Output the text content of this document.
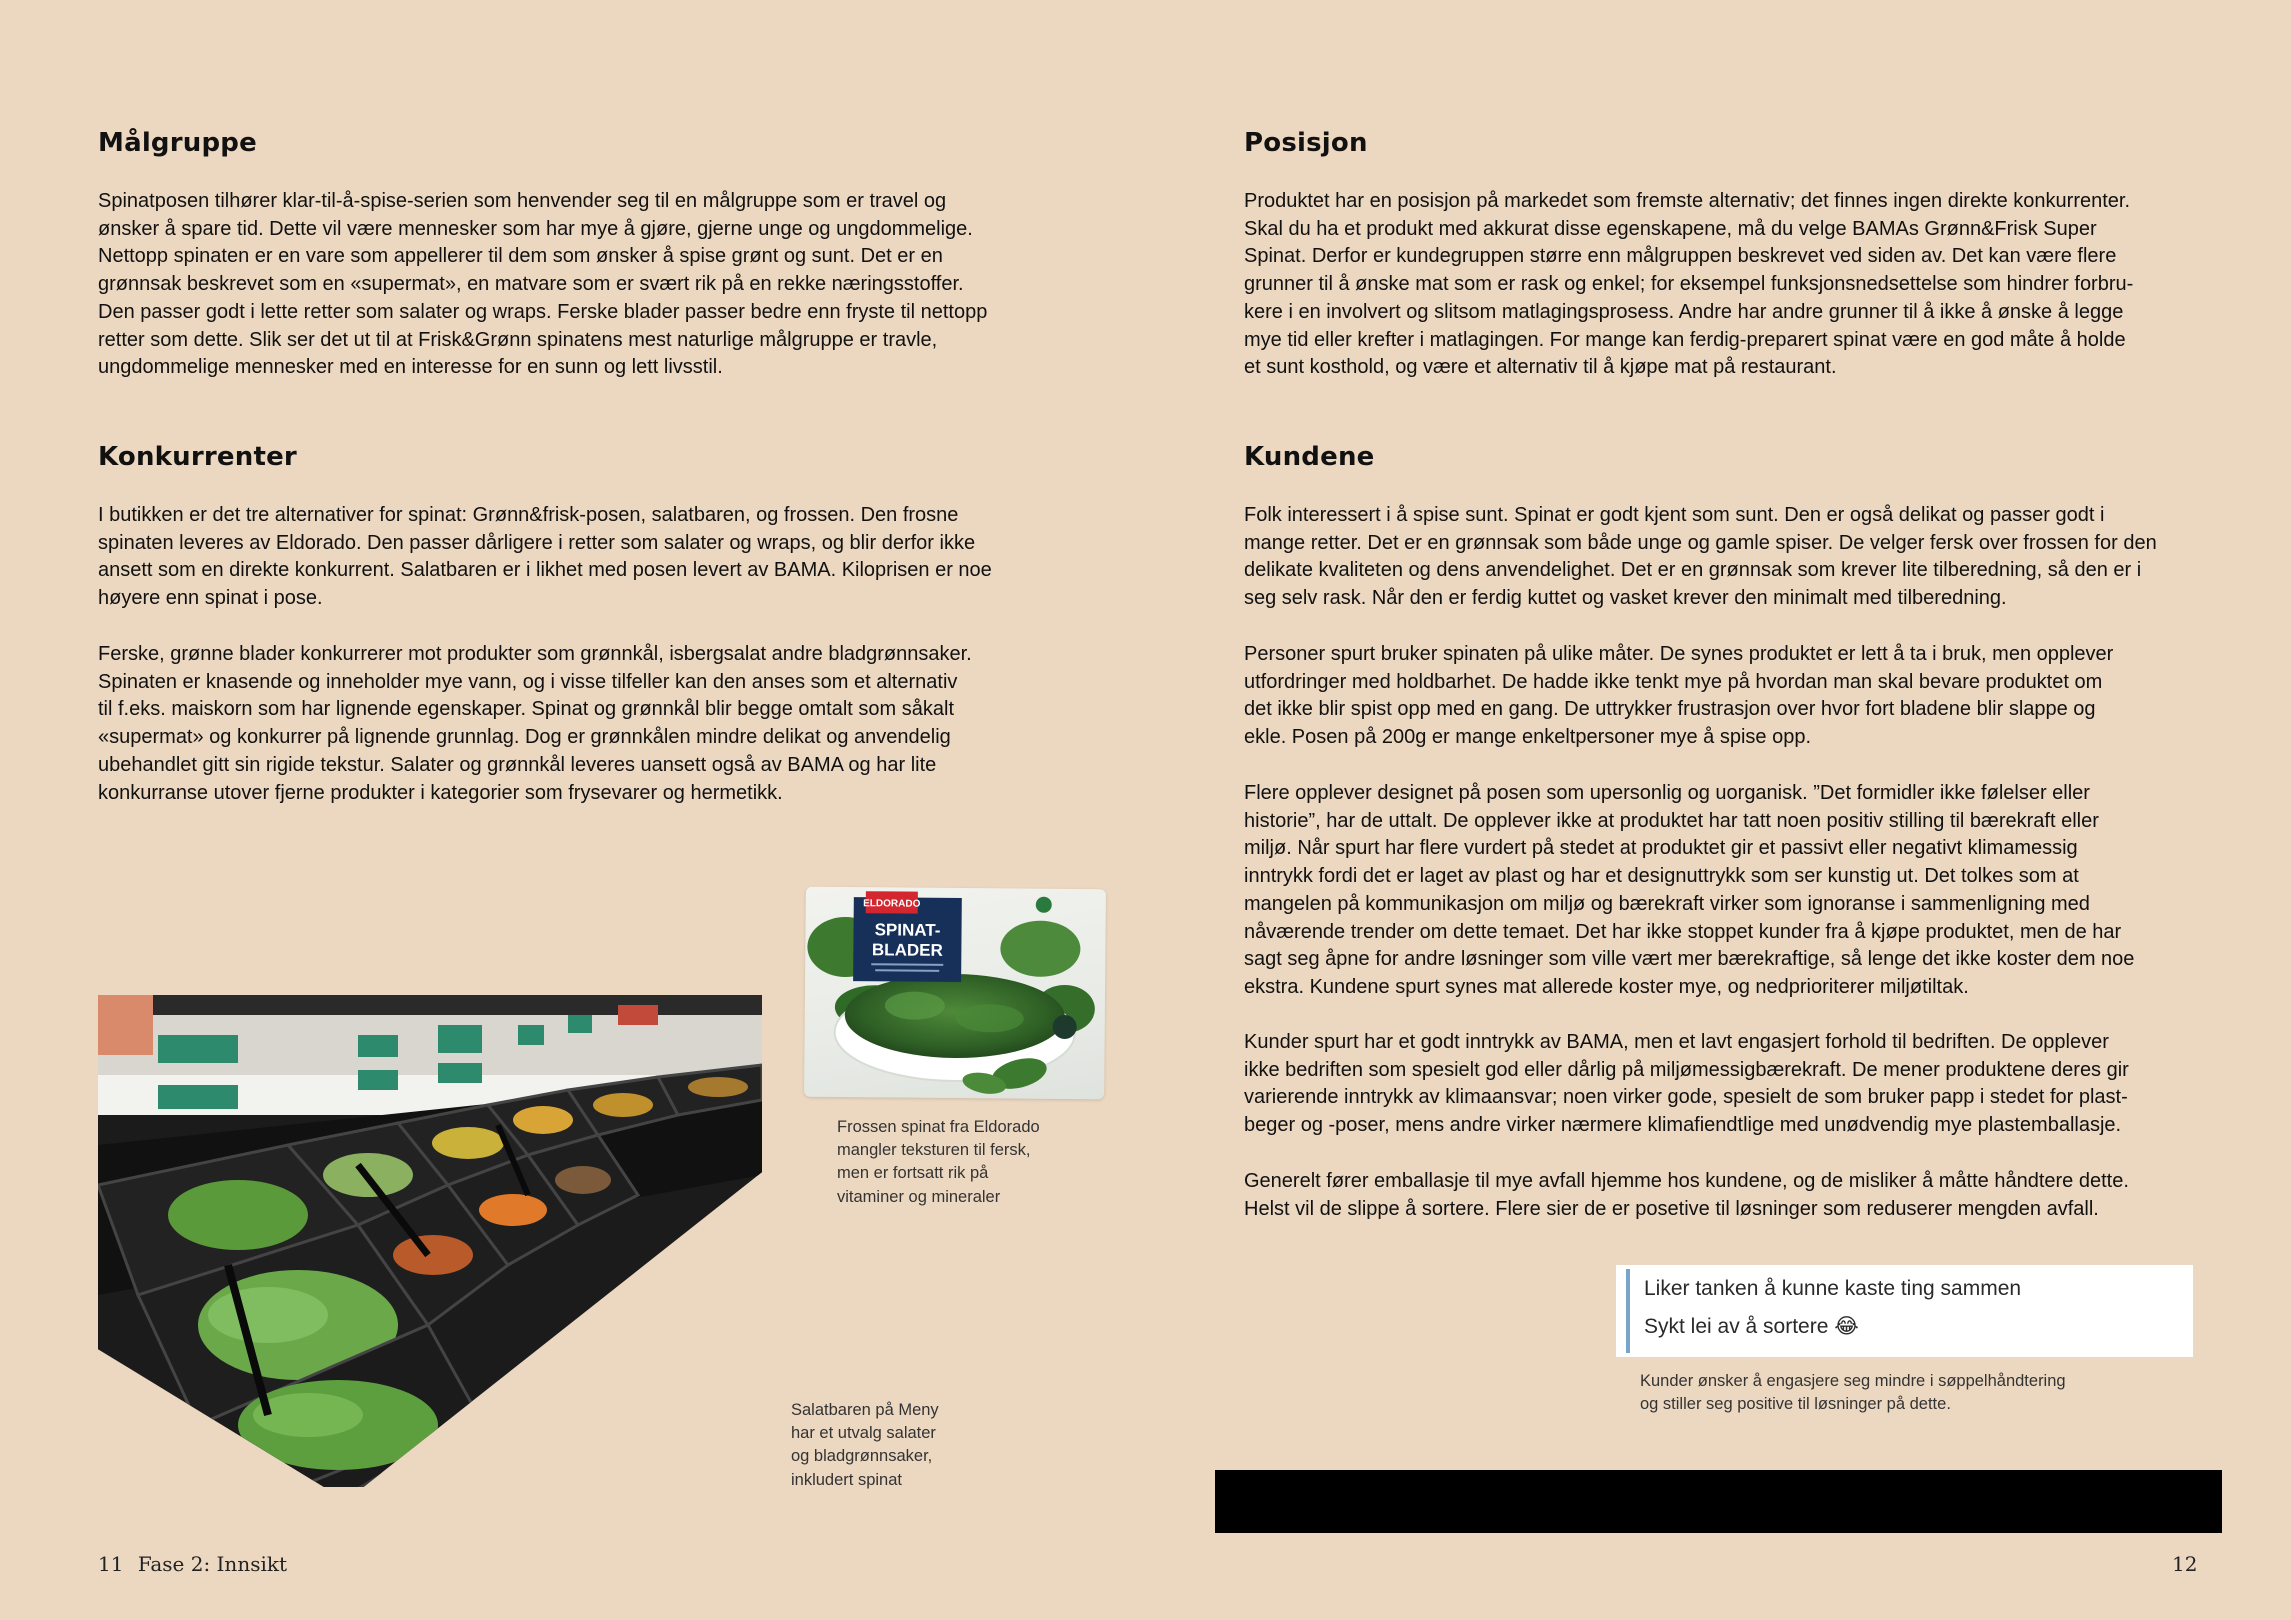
Målgruppe
Spinatposen tilhører klar-til-å-spise-serien som henvender seg til en målgruppe som er travel og
ønsker å spare tid. Dette vil være mennesker som har mye å gjøre, gjerne unge og ungdommelige.
Nettopp spinaten er en vare som appellerer til dem som ønsker å spise grønt og sunt. Det er en
grønnsak beskrevet som en «supermat», en matvare som er svært rik på en rekke næringsstoffer.
Den passer godt i lette retter som salater og wraps. Ferske blader passer bedre enn fryste til nettopp
retter som dette. Slik ser det ut til at Frisk&Grønn spinatens mest naturlige målgruppe er travle,
ungdommelige mennesker med en interesse for en sunn og lett livsstil.
Konkurrenter
I butikken er det tre alternativer for spinat: Grønn&frisk-posen, salatbaren, og frossen. Den frosne
spinaten leveres av Eldorado. Den passer dårligere i retter som salater og wraps, og blir derfor ikke
ansett som en direkte konkurrent. Salatbaren er i likhet med posen levert av BAMA. Kiloprisen er noe
høyere enn spinat i pose.
Ferske, grønne blader konkurrerer mot produkter som grønnkål, isbergsalat andre bladgrønnsaker.
Spinaten er knasende og inneholder mye vann, og i visse tilfeller kan den anses som et alternativ
til f.eks. maiskorn som har lignende egenskaper. Spinat og grønnkål blir begge omtalt som såkalt
«supermat» og konkurrer på lignende grunnlag. Dog er grønnkålen mindre delikat og anvendelig
ubehandlet gitt sin rigide tekstur. Salater og grønnkål leveres uansett også av BAMA og har lite
konkurranse utover fjerne produkter i kategorier som frysevarer og hermetikk.
ELDORADO
SPINAT-
BLADER
Frossen spinat fra Eldorado
mangler teksturen til fersk,
men er fortsatt rik på
vitaminer og mineraler
Salatbaren på Meny
har et utvalg salater
og bladgrønnsaker,
inkludert spinat
11 Fase 2: Innsikt
Posisjon
Produktet har en posisjon på markedet som fremste alternativ; det finnes ingen direkte konkurrenter.
Skal du ha et produkt med akkurat disse egenskapene, må du velge BAMAs Grønn&Frisk Super
Spinat. Derfor er kundegruppen større enn målgruppen beskrevet ved siden av. Det kan være flere
grunner til å ønske mat som er rask og enkel; for eksempel funksjonsnedsettelse som hindrer forbru-
kere i en involvert og slitsom matlagingsprosess. Andre har andre grunner til å ikke å ønske å legge
mye tid eller krefter i matlagingen. For mange kan ferdig-preparert spinat være en god måte å holde
et sunt kosthold, og være et alternativ til å kjøpe mat på restaurant.
Kundene
Folk interessert i å spise sunt. Spinat er godt kjent som sunt. Den er også delikat og passer godt i
mange retter. Det er en grønnsak som både unge og gamle spiser. De velger fersk over frossen for den
delikate kvaliteten og dens anvendelighet. Det er en grønnsak som krever lite tilberedning, så den er i
seg selv rask. Når den er ferdig kuttet og vasket krever den minimalt med tilberedning.
Personer spurt bruker spinaten på ulike måter. De synes produktet er lett å ta i bruk, men opplever
utfordringer med holdbarhet. De hadde ikke tenkt mye på hvordan man skal bevare produktet om
det ikke blir spist opp med en gang. De uttrykker frustrasjon over hvor fort bladene blir slappe og
ekle. Posen på 200g er mange enkeltpersoner mye å spise opp.
Flere opplever designet på posen som upersonlig og uorganisk. ”Det formidler ikke følelser eller
historie”, har de uttalt. De opplever ikke at produktet har tatt noen positiv stilling til bærekraft eller
miljø. Når spurt har flere vurdert på stedet at produktet gir et passivt eller negativt klimamessig
inntrykk fordi det er laget av plast og har et designuttrykk som ser kunstig ut. Det tolkes som at
mangelen på kommunikasjon om miljø og bærekraft virker som ignoranse i sammenligning med
nåværende trender om dette temaet. Det har ikke stoppet kunder fra å kjøpe produktet, men de har
sagt seg åpne for andre løsninger som ville vært mer bærekraftige, så lenge det ikke koster dem noe
ekstra. Kundene spurt synes mat allerede koster mye, og nedprioriterer miljøtiltak.
Kunder spurt har et godt inntrykk av BAMA, men et lavt engasjert forhold til bedriften. De opplever
ikke bedriften som spesielt god eller dårlig på miljømessigbærekraft. De mener produktene deres gir
varierende inntrykk av klimaansvar; noen virker gode, spesielt de som bruker papp i stedet for plast-
beger og -poser, mens andre virker nærmere klimafiendtlige med unødvendig mye plastemballasje.
Generelt fører emballasje til mye avfall hjemme hos kundene, og de misliker å måtte håndtere dette.
Helst vil de slippe å sortere. Flere sier de er posetive til løsninger som reduserer mengden avfall.
Liker tanken å kunne kaste ting sammen
Sykt lei av å sortere 😂
Kunder ønsker å engasjere seg mindre i søppelhåndtering
og stiller seg positive til løsninger på dette.
12
